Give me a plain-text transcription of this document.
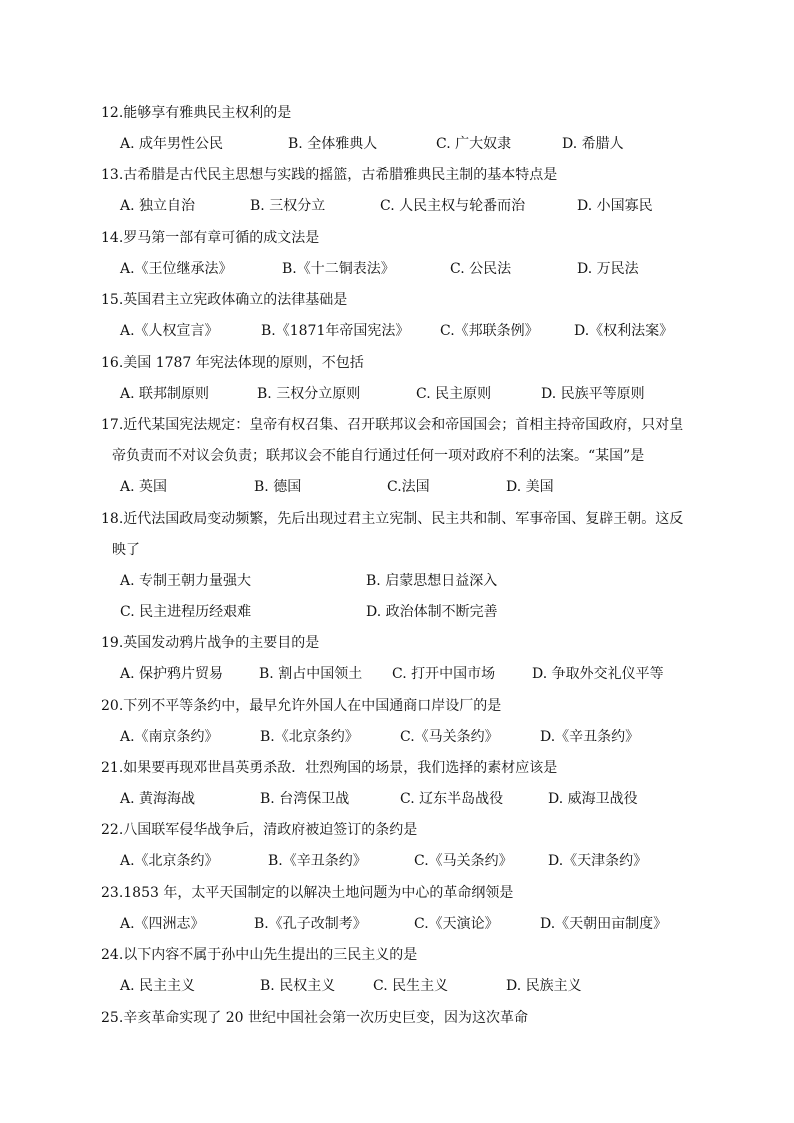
12.能够享有雅典民主权利的是
A. 成年男性公民	B. 全体雅典人	C. 广大奴隶	D. 希腊人
13.古希腊是古代民主思想与实践的摇篮，古希腊雅典民主制的基本特点是
A. 独立自治	B. 三权分立	C. 人民主权与轮番而治	D. 小国寡民
14.罗马第一部有章可循的成文法是
A.《王位继承法》	B.《十二铜表法》	C. 公民法	D. 万民法
15.英国君主立宪政体确立的法律基础是
A.《人权宣言》	B.《1871年帝国宪法》 C.《邦联条例》	D.《权利法案》
16.美国 1787 年宪法体现的原则，不包括
A. 联邦制原则	B. 三权分立原则	C. 民主原则	D. 民族平等原则
17.近代某国宪法规定：皇帝有权召集、召开联邦议会和帝国国会；首相主持帝国政府，只对皇
帝负责而不对议会负责；联邦议会不能自行通过任何一项对政府不利的法案。“某国”是
A. 英国	B. 德国	C.法国	D. 美国
18.近代法国政局变动频繁，先后出现过君主立宪制、民主共和制、军事帝国、复辟王朝。这反
映了
A. 专制王朝力量强大	B. 启蒙思想日益深入
C. 民主进程历经艰难	D. 政治体制不断完善
19.英国发动鸦片战争的主要目的是
A. 保护鸦片贸易	B. 割占中国领土 C. 打开中国市场	D. 争取外交礼仪平等
20.下列不平等条约中，最早允许外国人在中国通商口岸设厂的是
A.《南京条约》	B.《北京条约》	C.《马关条约》	D.《辛丑条约》
21.如果要再现邓世昌英勇杀敌．壮烈殉国的场景，我们选择的素材应该是
A. 黄海海战	B. 台湾保卫战	C. 辽东半岛战役	D. 威海卫战役
22.八国联军侵华战争后，清政府被迫签订的条约是
A.《北京条约》	B.《辛丑条约》	C.《马关条约》	D.《天津条约》
23.1853 年，太平天国制定的以解决土地问题为中心的革命纲领是
A.《四洲志》	B.《孔子改制考》	C.《天演论》	D.《天朝田亩制度》
24.以下内容不属于孙中山先生提出的三民主义的是
A. 民主主义	B. 民权主义	C. 民生主义	D. 民族主义
25.辛亥革命实现了 20 世纪中国社会第一次历史巨变，因为这次革命
